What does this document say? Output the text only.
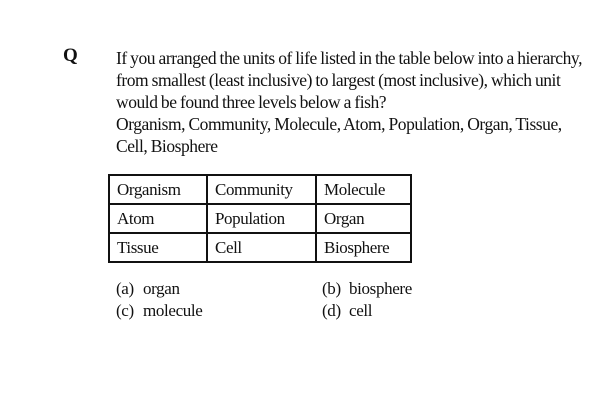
Q If you arranged the units of life listed in the table below into a hierarchy,
from smallest (least inclusive) to largest (most inclusive), which unit
would be found three levels below a fish?
Organism, Community, Molecule, Atom, Population, Organ, Tissue,
Cell, Biosphere
Organism	Community	Molecule
Atom	Population	Organ
Tissue	Cell	Biosphere
(a) organ	(b) biosphere
(c) molecule	(d) cell
